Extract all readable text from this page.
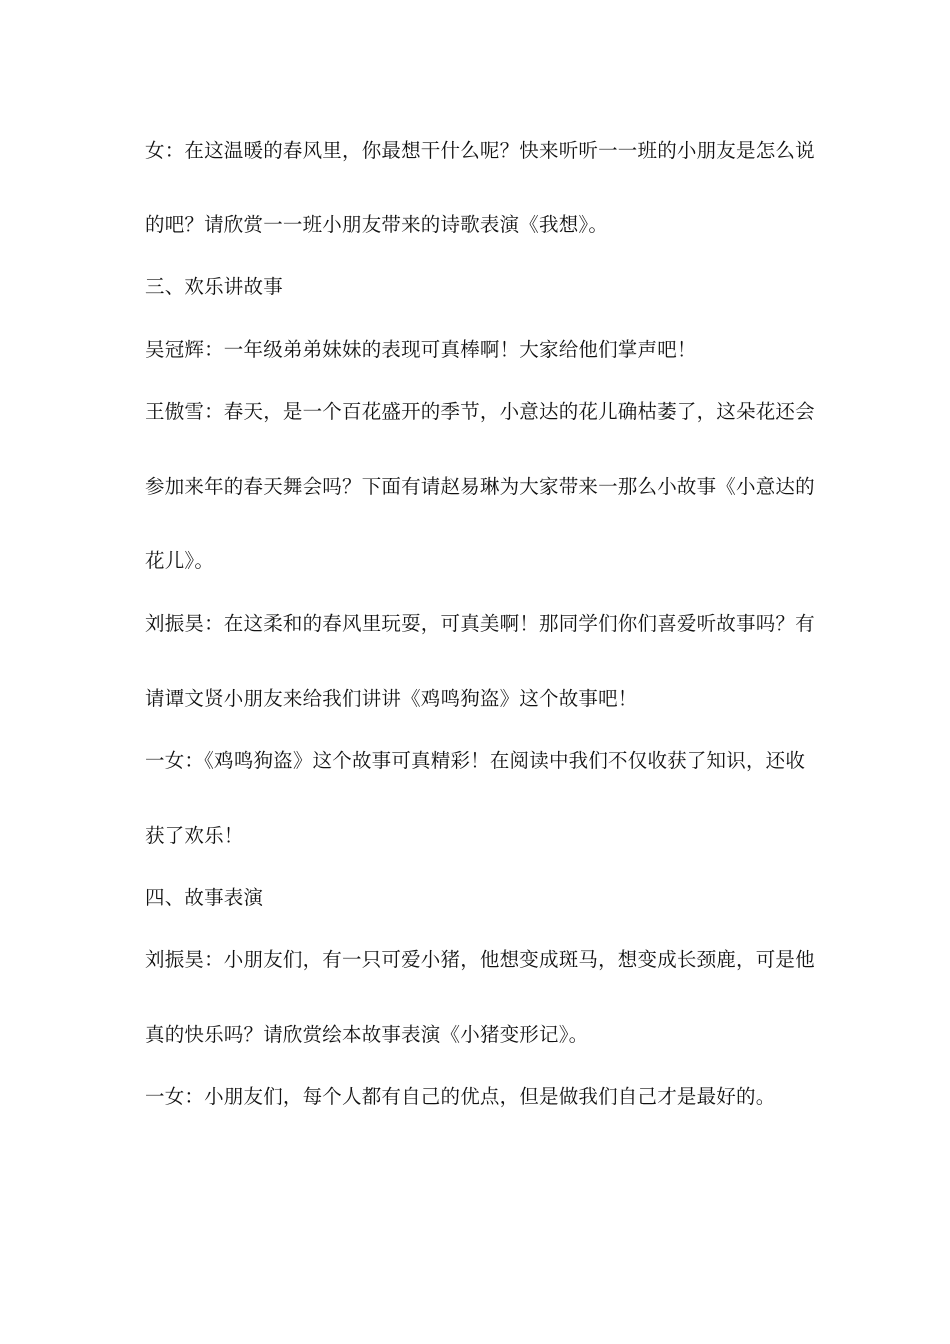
女：在这温暖的春风里，你最想干什么呢？快来听听一一班的小朋友是怎么说
的吧？请欣赏一一班小朋友带来的诗歌表演《我想》。
三、欢乐讲故事
吴冠辉：一年级弟弟妹妹的表现可真棒啊！大家给他们掌声吧！
王傲雪：春天，是一个百花盛开的季节，小意达的花儿确枯萎了，这朵花还会
参加来年的春天舞会吗？下面有请赵易琳为大家带来一那么小故事《小意达的
花儿》。
刘振昊：在这柔和的春风里玩耍，可真美啊！那同学们你们喜爱听故事吗？有
请谭文贤小朋友来给我们讲讲《鸡鸣狗盗》这个故事吧！
一女：《鸡鸣狗盗》这个故事可真精彩！在阅读中我们不仅收获了知识，还收
获了欢乐！
四、故事表演
刘振昊：小朋友们，有一只可爱小猪，他想变成斑马，想变成长颈鹿，可是他
真的快乐吗？请欣赏绘本故事表演《小猪变形记》。
一女：小朋友们，每个人都有自己的优点，但是做我们自己才是最好的。
